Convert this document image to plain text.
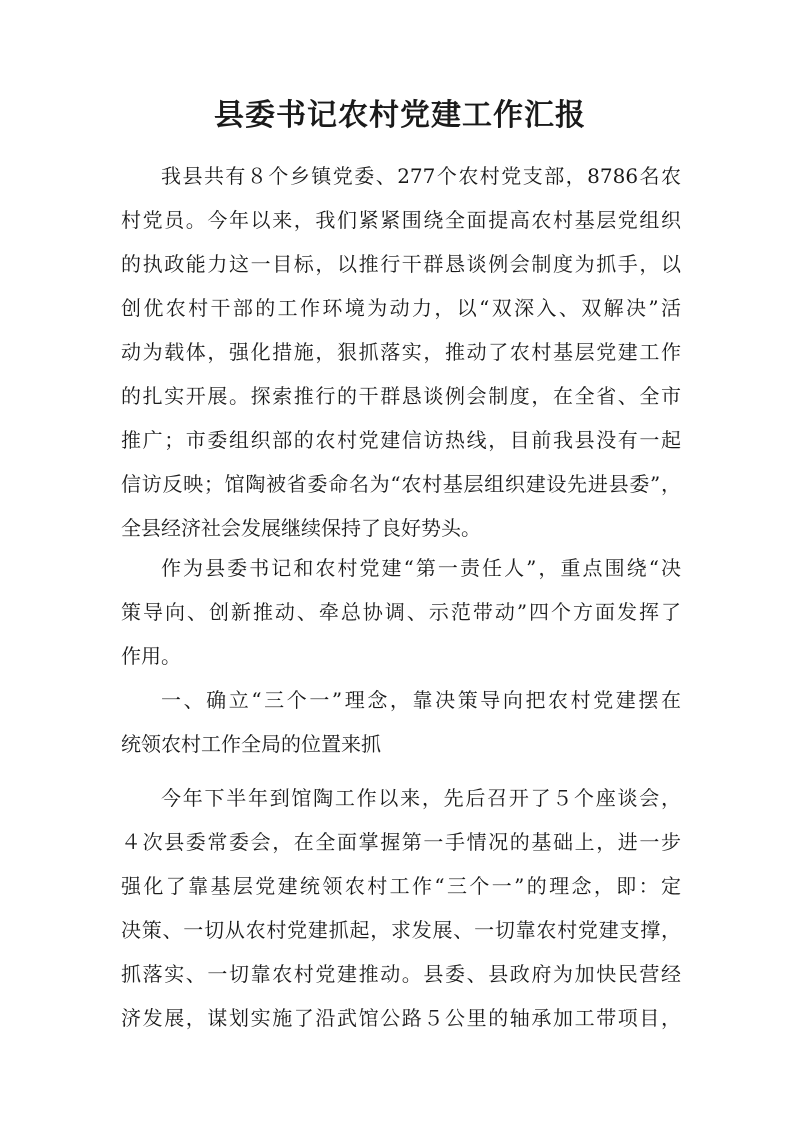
县委书记农村党建工作汇报
我县共有８个乡镇党委、277个农村党支部，8786名农
村党员。今年以来，我们紧紧围绕全面提高农村基层党组织
的执政能力这一目标，以推行干群恳谈例会制度为抓手，以
创优农村干部的工作环境为动力，以“双深入、双解决”活
动为载体，强化措施，狠抓落实，推动了农村基层党建工作
的扎实开展。探索推行的干群恳谈例会制度，在全省、全市
推广；市委组织部的农村党建信访热线，目前我县没有一起
信访反映；馆陶被省委命名为“农村基层组织建设先进县委”，
全县经济社会发展继续保持了良好势头。
作为县委书记和农村党建“第一责任人”，重点围绕“决
策导向、创新推动、牵总协调、示范带动”四个方面发挥了
作用。
一、确立“三个一”理念，靠决策导向把农村党建摆在
统领农村工作全局的位置来抓
今年下半年到馆陶工作以来，先后召开了５个座谈会，
４次县委常委会，在全面掌握第一手情况的基础上，进一步
强化了靠基层党建统领农村工作“三个一”的理念，即：定
决策、一切从农村党建抓起，求发展、一切靠农村党建支撑，
抓落实、一切靠农村党建推动。县委、县政府为加快民营经
济发展，谋划实施了沿武馆公路５公里的轴承加工带项目，
